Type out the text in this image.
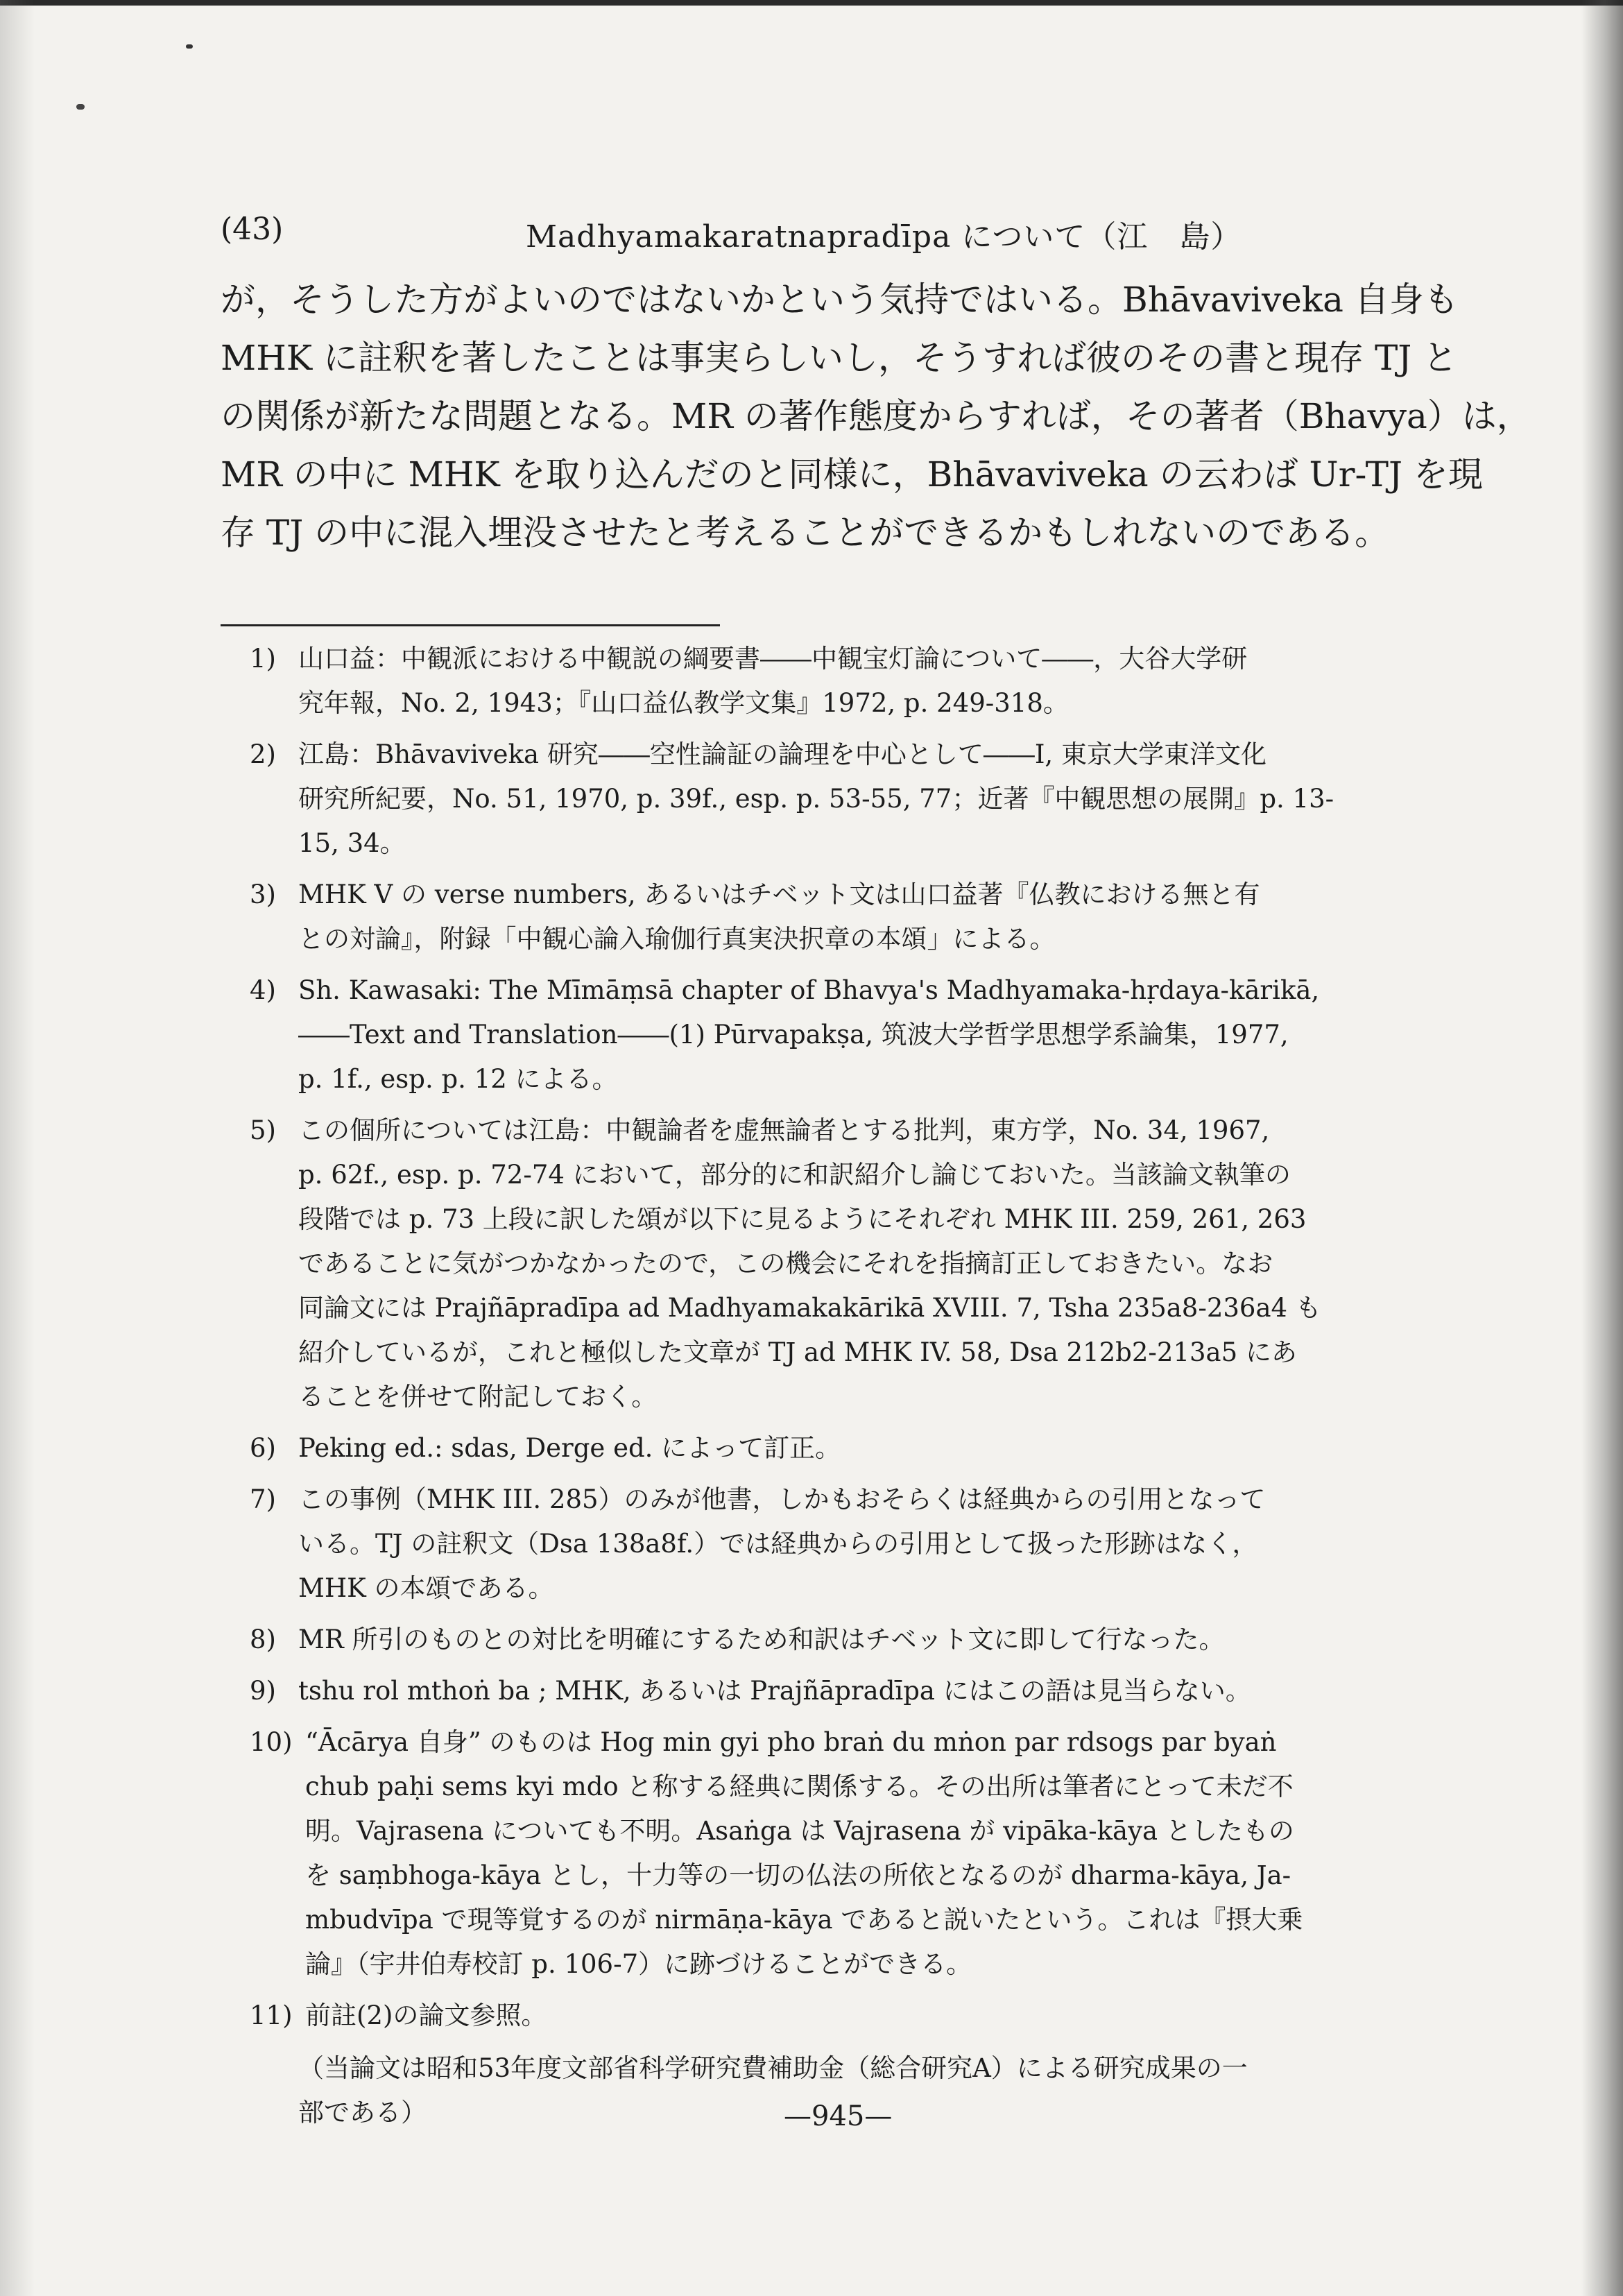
(43)	Madhyamakaratnapradīpa について（江　島）

が，そうした方がよいのではないかという気持ではいる。Bhāvaviveka 自身も

MHK に註釈を著したことは事実らしいし，そうすれば彼のその書と現存 TJ と

の関係が新たな問題となる。MR の著作態度からすれば，その著者（Bhavya）は，

MR の中に MHK を取り込んだのと同様に，Bhāvaviveka の云わば Ur-TJ を現

存 TJ の中に混入埋没させたと考えることができるかもしれないのである。

1) 山口益：中観派における中観説の綱要書――中観宝灯論について――，大谷大学研
究年報，No. 2, 1943；『山口益仏教学文集』1972, p. 249-318。
2) 江島：Bhāvaviveka 研究――空性論証の論理を中心として――I, 東京大学東洋文化
研究所紀要，No. 51, 1970, p. 39f., esp. p. 53-55, 77；近著『中観思想の展開』p. 13-
15, 34。
3) MHK V の verse numbers, あるいはチベット文は山口益著『仏教における無と有
との対論』，附録「中観心論入瑜伽行真実決択章の本頌」による。
4) Sh. Kawasaki: The Mīmāṃsā chapter of Bhavya's Madhyamaka-hṛdaya-kārikā,
――Text and Translation――(1) Pūrvapakṣa, 筑波大学哲学思想学系論集，1977,
p. 1f., esp. p. 12 による。
5) この個所については江島：中観論者を虚無論者とする批判，東方学，No. 34, 1967,
p. 62f., esp. p. 72-74 において，部分的に和訳紹介し論じておいた。当該論文執筆の
段階では p. 73 上段に訳した頌が以下に見るようにそれぞれ MHK III. 259, 261, 263
であることに気がつかなかったので，この機会にそれを指摘訂正しておきたい。なお
同論文には Prajñāpradīpa ad Madhyamakakārikā XVIII. 7, Tsha 235a8-236a4 も
紹介しているが，これと極似した文章が TJ ad MHK IV. 58, Dsa 212b2-213a5 にあ
ることを併せて附記しておく。
6) Peking ed.: sdas, Derge ed. によって訂正。
7) この事例（MHK III. 285）のみが他書，しかもおそらくは経典からの引用となって
いる。TJ の註釈文（Dsa 138a8f.）では経典からの引用として扱った形跡はなく，
MHK の本頌である。
8) MR 所引のものとの対比を明確にするため和訳はチベット文に即して行なった。
9) tshu rol mthoṅ ba ; MHK, あるいは Prajñāpradīpa にはこの語は見当らない。
10) “Ācārya 自身” のものは Hog min gyi pho braṅ du mṅon par rdsogs par byaṅ
chub paḥi sems kyi mdo と称する経典に関係する。その出所は筆者にとって未だ不
明。Vajrasena についても不明。Asaṅga は Vajrasena が vipāka-kāya としたもの
を saṃbhoga-kāya とし，十力等の一切の仏法の所依となるのが dharma-kāya, Ja-
mbudvīpa で現等覚するのが nirmāṇa-kāya であると説いたという。これは『摂大乗
論』（宇井伯寿校訂 p. 106-7）に跡づけることができる。
11) 前註(2)の論文参照。
（当論文は昭和53年度文部省科学研究費補助金（総合研究A）による研究成果の一
部である）	—945—
